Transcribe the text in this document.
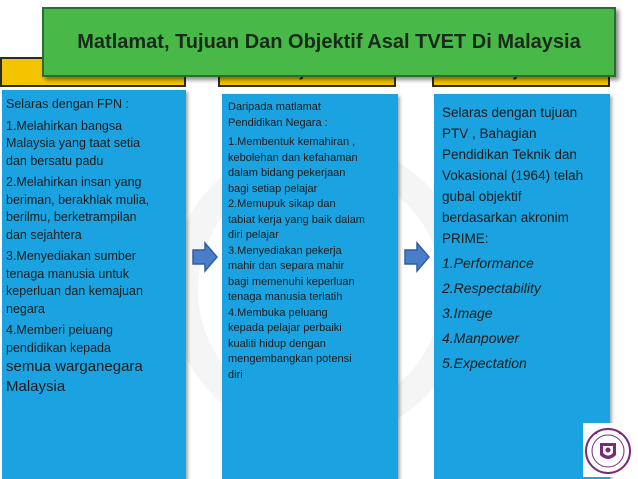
Matlamat, Tujuan Dan Objektif Asal TVET Di Malaysia
Selaras dengan FPN :
1.Melahirkan bangsa
Malaysia yang taat setia
dan bersatu padu
2.Melahirkan insan yang
beriman, berakhlak mulia,
berilmu, berketrampilan
dan sejahtera
3.Menyediakan sumber
tenaga manusia untuk
keperluan dan kemajuan
negara
4.Memberi peluang
pendidikan kepada
semua warganegara
Malaysia
Daripada matlamat
Pendidikan Negara :
1.Membentuk kemahiran ,
kebolehan dan kefahaman
dalam bidang pekerjaan
bagi setiap pelajar
2.Memupuk sikap dan
tabiat kerja yang baik dalam
diri pelajar
3.Menyediakan pekerja
mahir dan separa mahir
bagi memenuhi keperluan
tenaga manusia terlatih
4.Membuka peluang
kepada pelajar perbaiki
kualiti hidup dengan
mengembangkan potensi
diri
Selaras dengan tujuan
PTV , Bahagian
Pendidikan Teknik dan
Vokasional (1964) telah
gubal objektif
berdasarkan akronim
PRIME:
1.Performance
2.Respectability
3.Image
4.Manpower
5.Expectation
